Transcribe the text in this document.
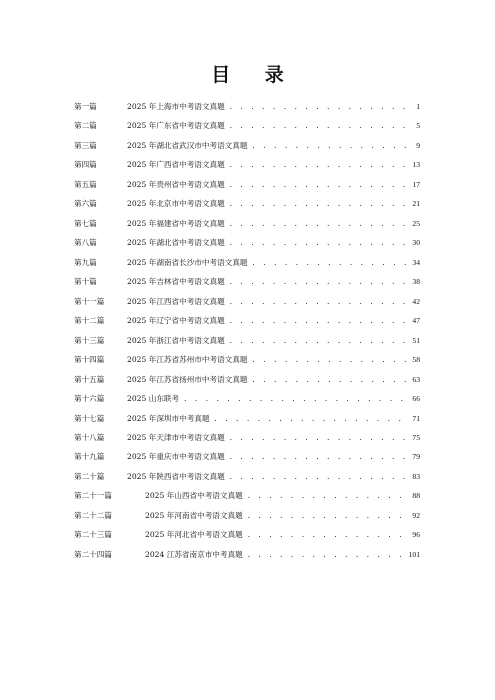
目 录
第一篇	2025 年上海市中考语文真题 . . .	1
第二篇	2025 年广东省中考语文真题 . . .	5
第三篇	2025 年湖北省武汉市中考语文真题 . . .	9
第四篇	2025 年广西省中考语文真题 . . .	13
第五篇	2025 年贵州省中考语文真题 . . .	17
第六篇	2025 年北京市中考语文真题 . . .	21
第七篇	2025 年福建省中考语文真题 . . .	25
第八篇	2025 年湖北省中考语文真题 . . .	30
第九篇	2025 年湖南省长沙市中考语文真题 . . .	34
第十篇	2025 年吉林省中考语文真题 . . .	38
第十一篇	2025 年江西省中考语文真题 . . .	42
第十二篇	2025 年辽宁省中考语文真题 . . .	47
第十三篇	2025 年浙江省中考语文真题 . . .	51
第十四篇	2025 年江苏省苏州市中考语文真题 . . .	58
第十五篇	2025 年江苏省扬州市中考语文真题 . . .	63
第十六篇	2025 山东联考 . . .	66
第十七篇	2025 年深圳市中考真题 . . .	71
第十八篇	2025 年天津市中考语文真题 . . .	75
第十九篇	2025 年重庆市中考语文真题 . . .	79
第二十篇	2025 年陕西省中考语文真题 . . .	83
第二十一篇	2025 年山西省中考语文真题 . . .	88
第二十二篇	2025 年河南省中考语文真题 . . .	92
第二十三篇	2025 年河北省中考语文真题 . . .	96
第二十四篇	2024 江苏省南京市中考真题 . . .	101
